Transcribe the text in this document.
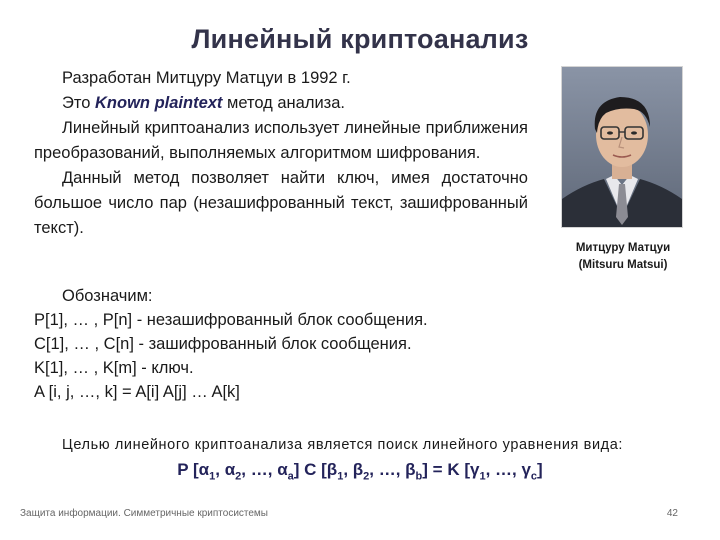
Линейный криптоанализ

Разработан Митцуру Матцуи в 1992 г.

Это Known plaintext метод анализа.

Линейный криптоанализ использует линейные приближения преобразований, выполняемых алгоритмом шифрования.

Данный метод позволяет найти ключ, имея достаточно большое число пар (незашифрованный текст, зашифрованный текст).

Митцуру Матцуи
(Mitsuru Matsui)
Обозначим:
P[1], … , P[n] - незашифрованный блок сообщения.
C[1], … , C[n] - зашифрованный блок сообщения.
K[1], … , K[m] - ключ.
A [i, j, …, k] = A[i] A[j] … A[k]
Целью линейного криптоанализа является поиск линейного уравнения вида:
P [$\alpha_1$, $\alpha_2$, …, $\alpha_a$] C [$\beta_1$, $\beta_2$, …, $\beta_b] = K$ [$\gamma_1$, …, $\gamma_c$]
Защита информации. Симметричные криптосистемы	42
